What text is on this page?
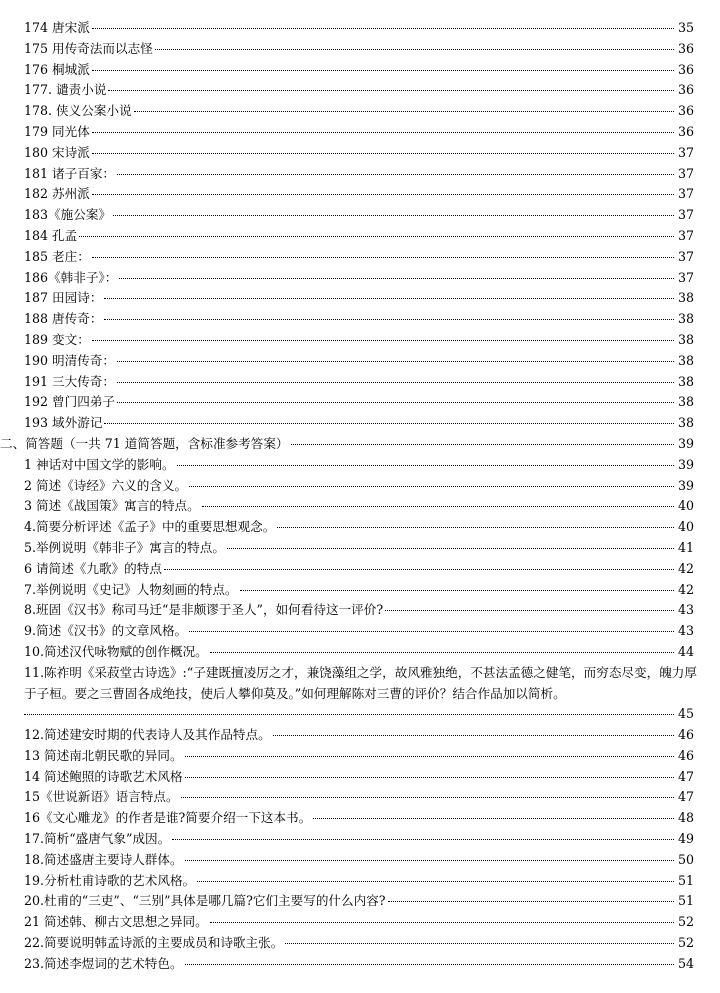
174 唐宋派	35
175 用传奇法而以志怪	36
176 桐城派	36
177. 谴责小说	36
178. 侠义公案小说	36
179 同光体	36
180 宋诗派	37
181 诸子百家：	37
182 苏州派	37
183《施公案》	37
184 孔孟	37
185 老庄：	37
186《韩非子》：	37
187 田园诗：	38
188 唐传奇：	38
189 变文：	38
190 明清传奇：	38
191 三大传奇：	38
192 曾门四弟子	38
193 域外游记	38
二、简答题（一共 71 道简答题，含标准参考答案）	39
1 神话对中国文学的影响。	39
2 简述《诗经》六义的含义。	39
3 简述《战国策》寓言的特点。	40
4.简要分析评述《孟子》中的重要思想观念。	40
5.举例说明《韩非子》寓言的特点。	41
6 请简述《九歌》的特点	42
7.举例说明《史记》人物刻画的特点。	42
8.班固《汉书》称司马迁“是非颇谬于圣人”，如何看待这一评价?	43
9.简述《汉书》的文章风格。	43
10.简述汉代咏物赋的创作概况。	44
11.陈祚明《采菽堂古诗选》:“子建既擅凌厉之才，兼饶藻组之学，故风雅独绝，不甚法孟德之健笔，而穷态尽变，魄力厚于子桓。要之三曹固各成绝技，使后人攀仰莫及。”如何理解陈对三曹的评价？结合作品加以简析。
45
12.简述建安时期的代表诗人及其作品特点。	46
13 简述南北朝民歌的异同。	46
14 简述鲍照的诗歌艺术风格	47
15《世说新语》语言特点。	47
16《文心雕龙》的作者是谁?简要介绍一下这本书。	48
17.简析“盛唐气象”成因。	49
18.简述盛唐主要诗人群体。	50
19.分析杜甫诗歌的艺术风格。	51
20.杜甫的“三吏”、“三别”具体是哪几篇?它们主要写的什么内容?	51
21 简述韩、柳古文思想之异同。	52
22.简要说明韩孟诗派的主要成员和诗歌主张。	52
23.简述李煜词的艺术特色。	54
